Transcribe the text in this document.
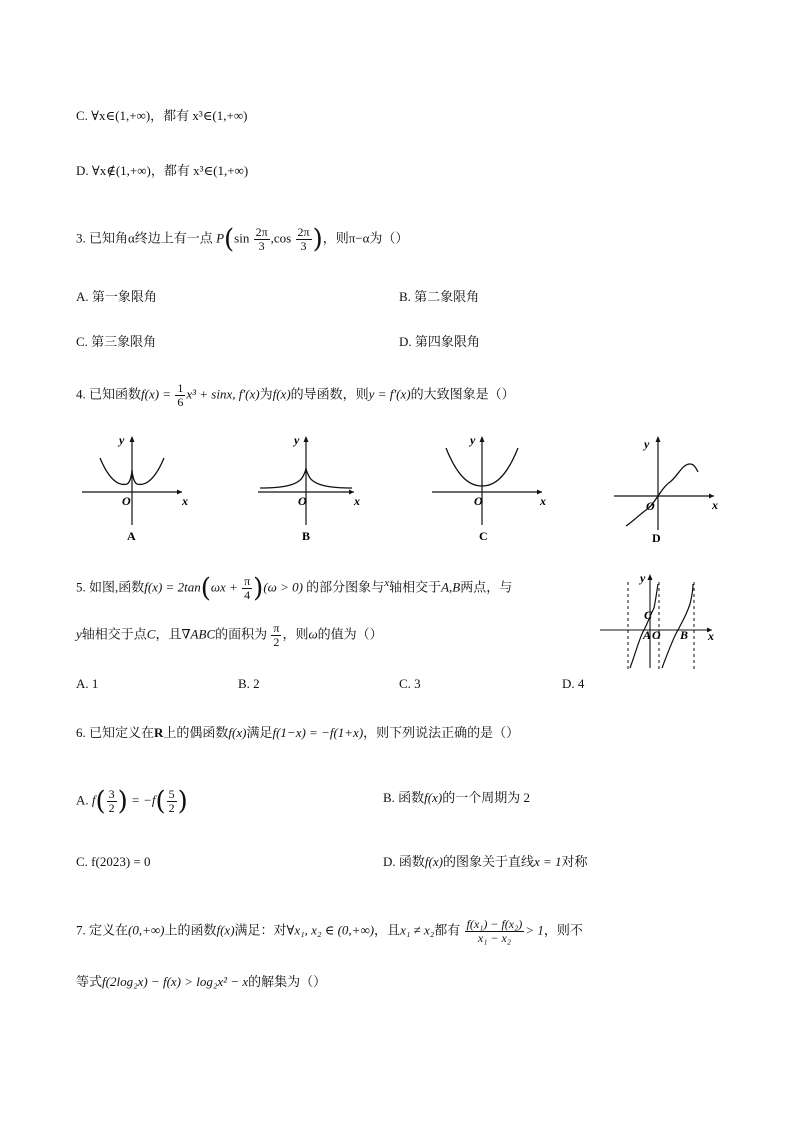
C. ∀x∈(1,+∞)，都有 x³∈(1,+∞)
D. ∀x∉(1,+∞)，都有 x³∈(1,+∞)
3. 已知角α终边上有一点 $P(\sin \frac{2\pi}{3} ,\cos \frac{2\pi}{3}$ )，则π−α为（）
A. 第一象限角	B. 第二象限角
C. 第三象限角	D. 第四象限角
4. 已知函数$f(x) = \frac{1}{6} x^3 + \sin x$, f′(x)为f(x)的导函数，则y = f′(x)的大致图象是（）
y
O	x
A
y
O	x
B
y
O	x
C
y
O	x
D
5. 如图,函数$f(x) = 2\tan(\omega x + \frac{\pi}{4} )(\omega > 0)$ 的部分图象与$^x$轴相交于A,B两点，与
y轴相交于点C，且∇ABC的面积为 $\frac{\pi}{2}$ ，则ω的值为（）
y
C
A O B x
A. 1	B. 2	C. 3	D. 4
6. 已知定义在R上的偶函数f(x)满足f(1−x) = −f(1+x)，则下列说法正确的是（）
A. $f( \frac{3}{2}$ ) = $-f( \frac{5}{2}$ )	B. 函数f(x)的一个周期为 2
C. f(2023) = 0	D. 函数f(x)的图象关于直线x = 1对称
7. 定义在(0,+∞)上的函数f(x)满足：对∀x₁, x₂ ∈ (0,+∞)，且x₁ ≠ x₂都有 $\frac{\text{f(x₁) − f(x₂)}}{\text{x₁ − x₂}} > 1$，则不
等式f(2log₂x) − f(x) > log₂x² − x的解集为（）
